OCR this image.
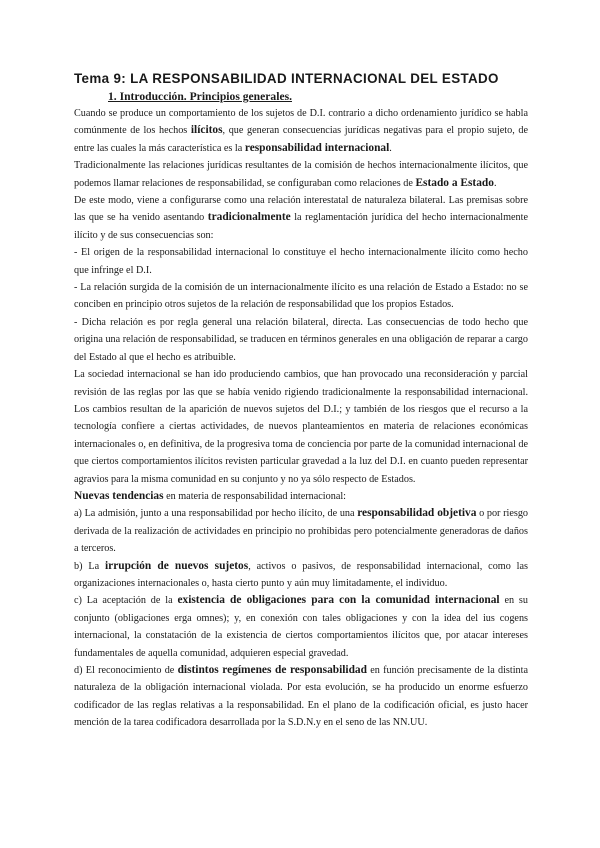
Tema 9: LA RESPONSABILIDAD INTERNACIONAL DEL ESTADO
1. Introducción. Principios generales.

Cuando se produce un comportamiento de los sujetos de D.I. contrario a dicho ordenamiento jurídico se habla comúnmente de los hechos ilícitos, que generan consecuencias jurídicas negativas para el propio sujeto, de entre las cuales la más característica es la responsabilidad internacional.

Tradicionalmente las relaciones jurídicas resultantes de la comisión de hechos internacionalmente ilícitos, que podemos llamar relaciones de responsabilidad, se configuraban como relaciones de Estado a Estado.

De este modo, viene a configurarse como una relación interestatal de naturaleza bilateral. Las premisas sobre las que se ha venido asentando tradicionalmente la reglamentación jurídica del hecho internacionalmente ilícito y de sus consecuencias son:

- El origen de la responsabilidad internacional lo constituye el hecho internacionalmente ilícito como hecho que infringe el D.I.

- La relación surgida de la comisión de un internacionalmente ilícito es una relación de Estado a Estado: no se conciben en principio otros sujetos de la relación de responsabilidad que los propios Estados.

- Dicha relación es por regla general una relación bilateral, directa. Las consecuencias de todo hecho que origina una relación de responsabilidad, se traducen en términos generales en una obligación de reparar a cargo del Estado al que el hecho es atribuible.

La sociedad internacional se han ido produciendo cambios, que han provocado una reconsideración y parcial revisión de las reglas por las que se había venido rigiendo tradicionalmente la responsabilidad internacional. Los cambios resultan de la aparición de nuevos sujetos del D.I.; y también de los riesgos que el recurso a la tecnología confiere a ciertas actividades, de nuevos planteamientos en materia de relaciones económicas internacionales o, en definitiva, de la progresiva toma de conciencia por parte de la comunidad internacional de que ciertos comportamientos ilícitos revisten particular gravedad a la luz del D.I. en cuanto pueden representar agravios para la misma comunidad en su conjunto y no ya sólo respecto de Estados.

Nuevas tendencias en materia de responsabilidad internacional:

a) La admisión, junto a una responsabilidad por hecho ilícito, de una responsabilidad objetiva o por riesgo derivada de la realización de actividades en principio no prohibidas pero potencialmente generadoras de daños a terceros.

b) La irrupción de nuevos sujetos, activos o pasivos, de responsabilidad internacional, como las organizaciones internacionales o, hasta cierto punto y aún muy limitadamente, el individuo.

c) La aceptación de la existencia de obligaciones para con la comunidad internacional en su conjunto (obligaciones erga omnes); y, en conexión con tales obligaciones y con la idea del ius cogens internacional, la constatación de la existencia de ciertos comportamientos ilícitos que, por atacar intereses fundamentales de aquella comunidad, adquieren especial gravedad.

d) El reconocimiento de distintos regímenes de responsabilidad en función precisamente de la distinta naturaleza de la obligación internacional violada. Por esta evolución, se ha producido un enorme esfuerzo codificador de las reglas relativas a la responsabilidad. En el plano de la codificación oficial, es justo hacer mención de la tarea codificadora desarrollada por la S.D.N.y en el seno de las NN.UU.
